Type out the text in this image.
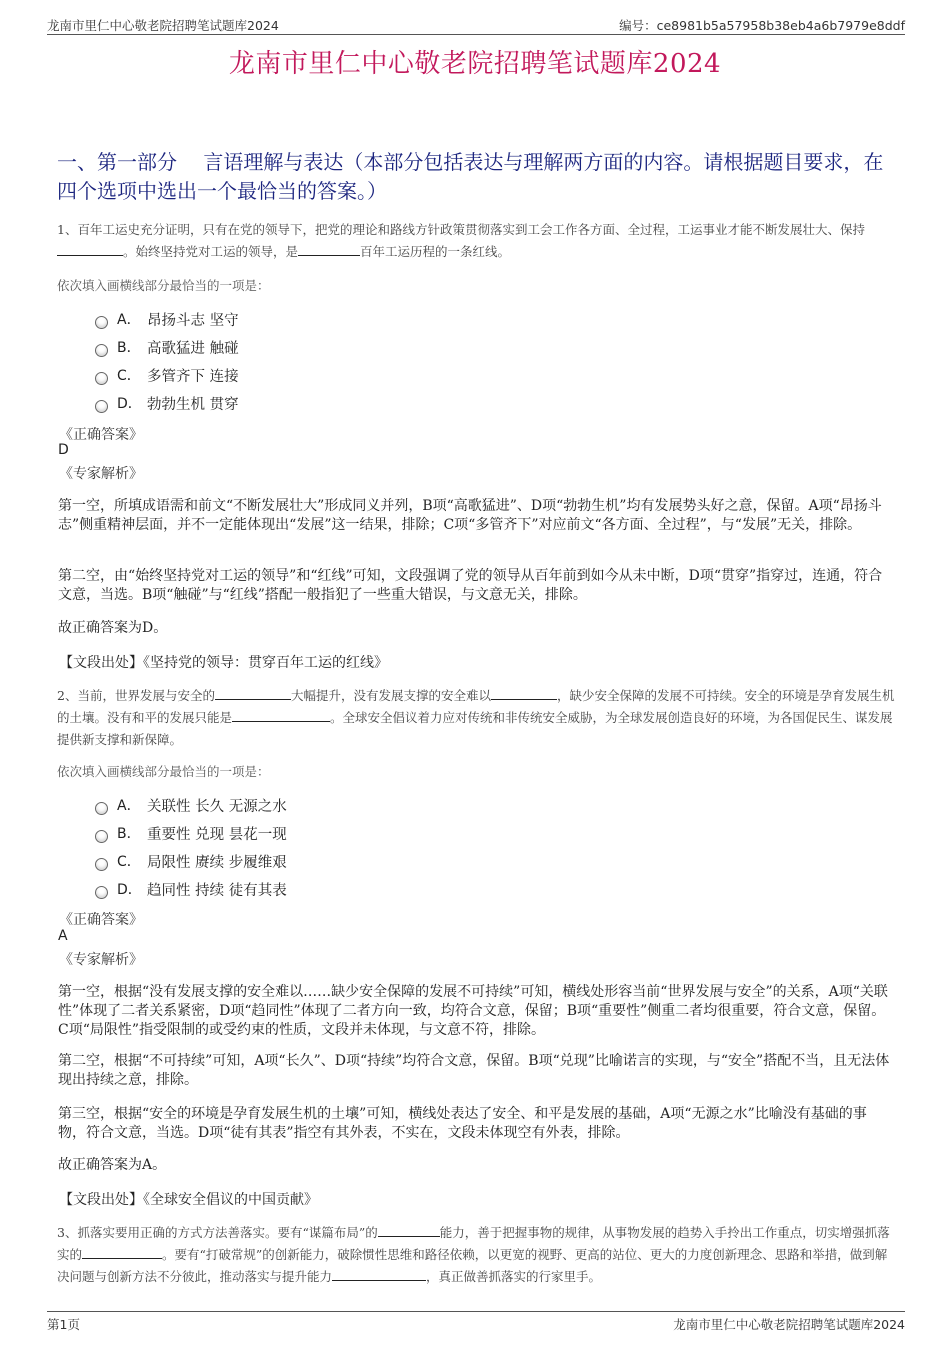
龙南市里仁中心敬老院招聘笔试题库2024	编号：ce8981b5a57958b38eb4a6b7979e8ddf
龙南市里仁中心敬老院招聘笔试题库2024
一、第一部分　 言语理解与表达（本部分包括表达与理解两方面的内容。请根据题目要求，在四个选项中选出一个最恰当的答案。）
1、百年工运史充分证明，只有在党的领导下，把党的理论和路线方针政策贯彻落实到工会工作各方面、全过程，工运事业才能不断发展壮大、保持。始终坚持党对工运的领导，是	百年工运历程的一条红线。
依次填入画横线部分最恰当的一项是：
A． 昂扬斗志 坚守
B． 高歌猛进 触碰
C． 多管齐下 连接
D． 勃勃生机 贯穿
《正确答案》
D
《专家解析》
第一空，所填成语需和前文“不断发展壮大”形成同义并列，B项“高歌猛进”、D项“勃勃生机”均有发展势头好之意，保留。A项“昂扬斗志”侧重精神层面，并不一定能体现出“发展”这一结果，排除；C项“多管齐下”对应前文“各方面、全过程”，与“发展”无关，排除。
第二空，由“始终坚持党对工运的领导”和“红线”可知，文段强调了党的领导从百年前到如今从未中断，D项“贯穿”指穿过，连通，符合文意，当选。B项“触碰”与“红线”搭配一般指犯了一些重大错误，与文意无关，排除。
故正确答案为D。
【文段出处】《坚持党的领导：贯穿百年工运的红线》
2、当前，世界发展与安全的	大幅提升，没有发展支撑的安全难以	，缺少安全保障的发展不可持续。安全的环境是孕育发展生机的土壤。没有和平的发展只能是	。全球安全倡议着力应对传统和非传统安全威胁，为全球发展创造良好的环境，为各国促民生、谋发展提供新支撑和新保障。
依次填入画横线部分最恰当的一项是：
A． 关联性 长久 无源之水
B． 重要性 兑现 昙花一现
C． 局限性 赓续 步履维艰
D． 趋同性 持续 徒有其表
《正确答案》
A
《专家解析》
第一空，根据“没有发展支撑的安全难以……缺少安全保障的发展不可持续”可知，横线处形容当前“世界发展与安全”的关系，A项“关联性”体现了二者关系紧密，D项“趋同性”体现了二者方向一致，均符合文意，保留；B项“重要性”侧重二者均很重要，符合文意，保留。C项“局限性”指受限制的或受约束的性质，文段并未体现，与文意不符，排除。
第二空，根据“不可持续”可知，A项“长久”、D项“持续”均符合文意，保留。B项“兑现”比喻诺言的实现，与“安全”搭配不当，且无法体现出持续之意，排除。
第三空，根据“安全的环境是孕育发展生机的土壤”可知，横线处表达了安全、和平是发展的基础，A项“无源之水”比喻没有基础的事物，符合文意，当选。D项“徒有其表”指空有其外表，不实在，文段未体现空有外表，排除。
故正确答案为A。
【文段出处】《全球安全倡议的中国贡献》
3、抓落实要用正确的方式方法善落实。要有“谋篇布局”的	能力，善于把握事物的规律，从事物发展的趋势入手拎出工作重点，切实增强抓落实的	。要有“打破常规”的创新能力，破除惯性思维和路径依赖，以更宽的视野、更高的站位、更大的力度创新理念、思路和举措，做到解决问题与创新方法不分彼此，推动落实与提升能力	，真正做善抓落实的行家里手。
第1页	龙南市里仁中心敬老院招聘笔试题库2024
